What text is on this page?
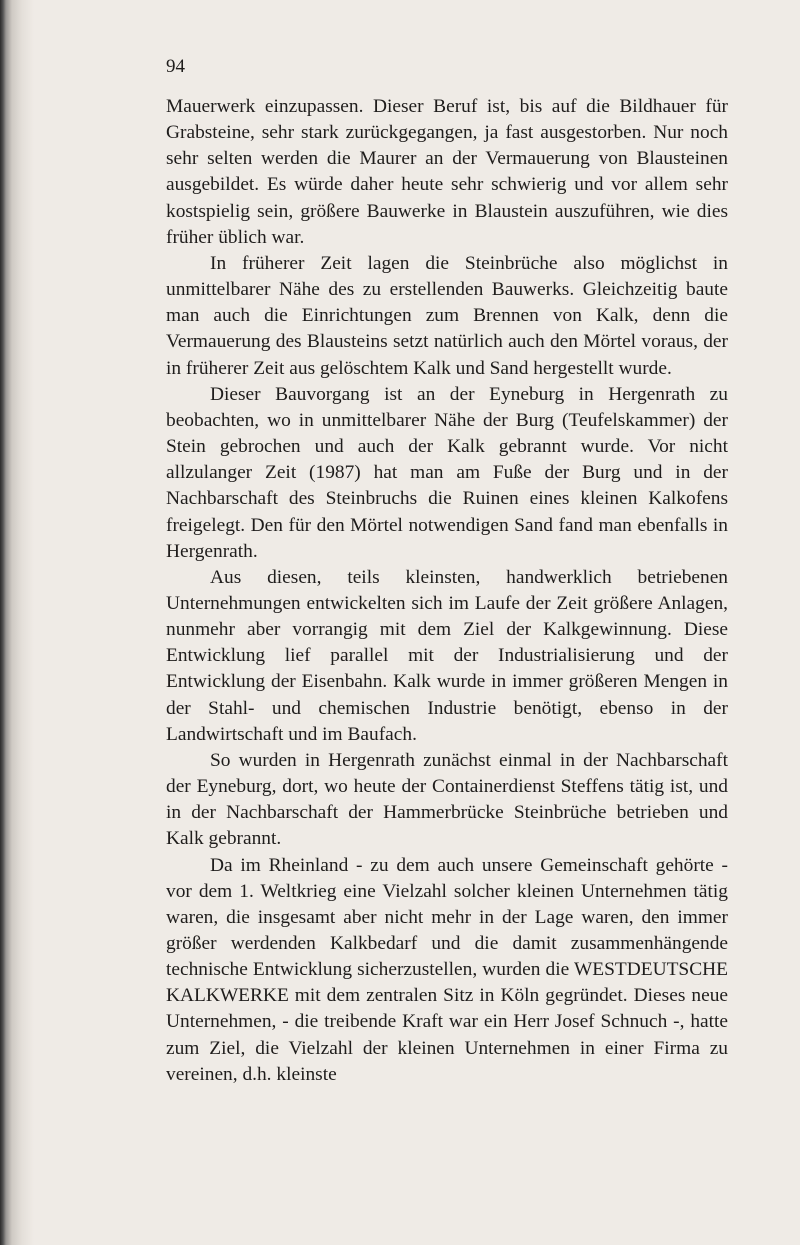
94

Mauerwerk einzupassen. Dieser Beruf ist, bis auf die Bildhauer für Grabsteine, sehr stark zurückgegangen, ja fast ausgestorben. Nur noch sehr selten werden die Maurer an der Vermauerung von Blausteinen ausgebildet. Es würde daher heute sehr schwierig und vor allem sehr kostspielig sein, größere Bauwerke in Blaustein auszuführen, wie dies früher üblich war.

In früherer Zeit lagen die Steinbrüche also möglichst in unmittelbarer Nähe des zu erstellenden Bauwerks. Gleichzeitig baute man auch die Einrichtungen zum Brennen von Kalk, denn die Vermauerung des Blausteins setzt natürlich auch den Mörtel voraus, der in früherer Zeit aus gelöschtem Kalk und Sand hergestellt wurde.

Dieser Bauvorgang ist an der Eyneburg in Hergenrath zu beobachten, wo in unmittelbarer Nähe der Burg (Teufelskammer) der Stein gebrochen und auch der Kalk gebrannt wurde. Vor nicht allzulanger Zeit (1987) hat man am Fuße der Burg und in der Nachbarschaft des Steinbruchs die Ruinen eines kleinen Kalkofens freigelegt. Den für den Mörtel notwendigen Sand fand man ebenfalls in Hergenrath.

Aus diesen, teils kleinsten, handwerklich betriebenen Unternehmungen entwickelten sich im Laufe der Zeit größere Anlagen, nunmehr aber vorrangig mit dem Ziel der Kalkgewinnung. Diese Entwicklung lief parallel mit der Industrialisierung und der Entwicklung der Eisenbahn. Kalk wurde in immer größeren Mengen in der Stahl- und chemischen Industrie benötigt, ebenso in der Landwirtschaft und im Baufach.

So wurden in Hergenrath zunächst einmal in der Nachbarschaft der Eyneburg, dort, wo heute der Containerdienst Steffens tätig ist, und in der Nachbarschaft der Hammerbrücke Steinbrüche betrieben und Kalk gebrannt.

Da im Rheinland - zu dem auch unsere Gemeinschaft gehörte - vor dem 1. Weltkrieg eine Vielzahl solcher kleinen Unternehmen tätig waren, die insgesamt aber nicht mehr in der Lage waren, den immer größer werdenden Kalkbedarf und die damit zusammenhängende technische Entwicklung sicherzustellen, wurden die WESTDEUTSCHE KALKWERKE mit dem zentralen Sitz in Köln gegründet. Dieses neue Unternehmen, - die treibende Kraft war ein Herr Josef Schnuch -, hatte zum Ziel, die Vielzahl der kleinen Unternehmen in einer Firma zu vereinen, d.h. kleinste
